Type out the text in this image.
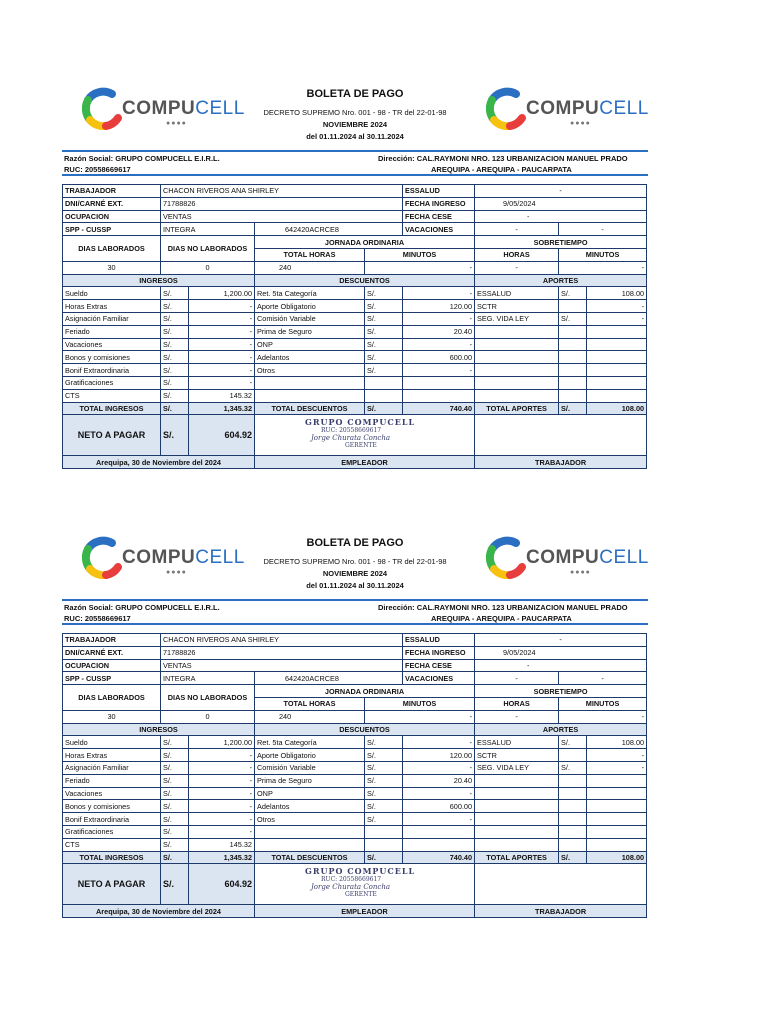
COMPUCELL
●●●●
BOLETA DE PAGO
DECRETO SUPREMO Nro. 001 - 98 - TR del 22-01-98
NOVIEMBRE 2024
del 01.11.2024 al 30.11.2024
COMPUCELL
●●●●
Razón Social: GRUPO COMPUCELL E.I.R.L.
RUC: 20558669617
Dirección: CAL.RAYMONI NRO. 123 URBANIZACION MANUEL PRADO
AREQUIPA - AREQUIPA - PAUCARPATA
TRABAJADOR	CHACON RIVEROS ANA SHIRLEY				ESSALUD	-		
DNI/CARNÉ EXT.	71788826				FECHA INGRESO	9/05/2024		
OCUPACION	VENTAS				FECHA CESE	-		
SPP - CUSSP	INTEGRA		642420ACRCE8		VACACIONES	-	-	
DIAS LABORADOS	DIAS NO LABORADOS		JORNADA ORDINARIA			SOBRETIEMPO		
			TOTAL HORAS	MINUTOS		HORAS	MINUTOS	
30	0		240	-		-	-	
INGRESOS			DESCUENTOS			APORTES		
Sueldo	S/.	1,200.00	Ret. 5ta Categoría	S/.	-	ESSALUD	S/.	108.00
Horas Extras	S/.	-	Aporte Obligatorio	S/.	120.00	SCTR		-
Asignación Familiar	S/.	-	Comisión Variable	S/.	-	SEG. VIDA LEY	S/.	-
Feriado	S/.	-	Prima de Seguro	S/.	20.40			
Vacaciones	S/.	-	ONP	S/.	-			
Bonos y comisiones	S/.	-	Adelantos	S/.	600.00			
Bonif Extraordinaria	S/.	-	Otros	S/.	-			
Gratificaciones	S/.	-						
CTS	S/.	145.32						
TOTAL INGRESOS	S/.	1,345.32	TOTAL DESCUENTOS	S/.	740.40	TOTAL APORTES	S/.	108.00
NETO A PAGAR	S/.	604.92	GRUPO COMPUCELL
RUC: 20558669617
Jorge Churata Concha
GERENTE					

Arequipa, 30 de Noviembre del 2024			EMPLEADOR			TRABAJADOR		
COMPUCELL
●●●●
BOLETA DE PAGO
DECRETO SUPREMO Nro. 001 - 98 - TR del 22-01-98
NOVIEMBRE 2024
del 01.11.2024 al 30.11.2024
COMPUCELL
●●●●
Razón Social: GRUPO COMPUCELL E.I.R.L.
RUC: 20558669617
Dirección: CAL.RAYMONI NRO. 123 URBANIZACION MANUEL PRADO
AREQUIPA - AREQUIPA - PAUCARPATA
TRABAJADOR	CHACON RIVEROS ANA SHIRLEY				ESSALUD	-		
DNI/CARNÉ EXT.	71788826				FECHA INGRESO	9/05/2024		
OCUPACION	VENTAS				FECHA CESE	-		
SPP - CUSSP	INTEGRA		642420ACRCE8		VACACIONES	-	-	
DIAS LABORADOS	DIAS NO LABORADOS		JORNADA ORDINARIA			SOBRETIEMPO		
			TOTAL HORAS	MINUTOS		HORAS	MINUTOS	
30	0		240	-		-	-	
INGRESOS			DESCUENTOS			APORTES		
Sueldo	S/.	1,200.00	Ret. 5ta Categoría	S/.	-	ESSALUD	S/.	108.00
Horas Extras	S/.	-	Aporte Obligatorio	S/.	120.00	SCTR		-
Asignación Familiar	S/.	-	Comisión Variable	S/.	-	SEG. VIDA LEY	S/.	-
Feriado	S/.	-	Prima de Seguro	S/.	20.40			
Vacaciones	S/.	-	ONP	S/.	-			
Bonos y comisiones	S/.	-	Adelantos	S/.	600.00			
Bonif Extraordinaria	S/.	-	Otros	S/.	-			
Gratificaciones	S/.	-						
CTS	S/.	145.32						
TOTAL INGRESOS	S/.	1,345.32	TOTAL DESCUENTOS	S/.	740.40	TOTAL APORTES	S/.	108.00
NETO A PAGAR	S/.	604.92	GRUPO COMPUCELL
RUC: 20558669617
Jorge Churata Concha
GERENTE					

Arequipa, 30 de Noviembre del 2024			EMPLEADOR			TRABAJADOR		
